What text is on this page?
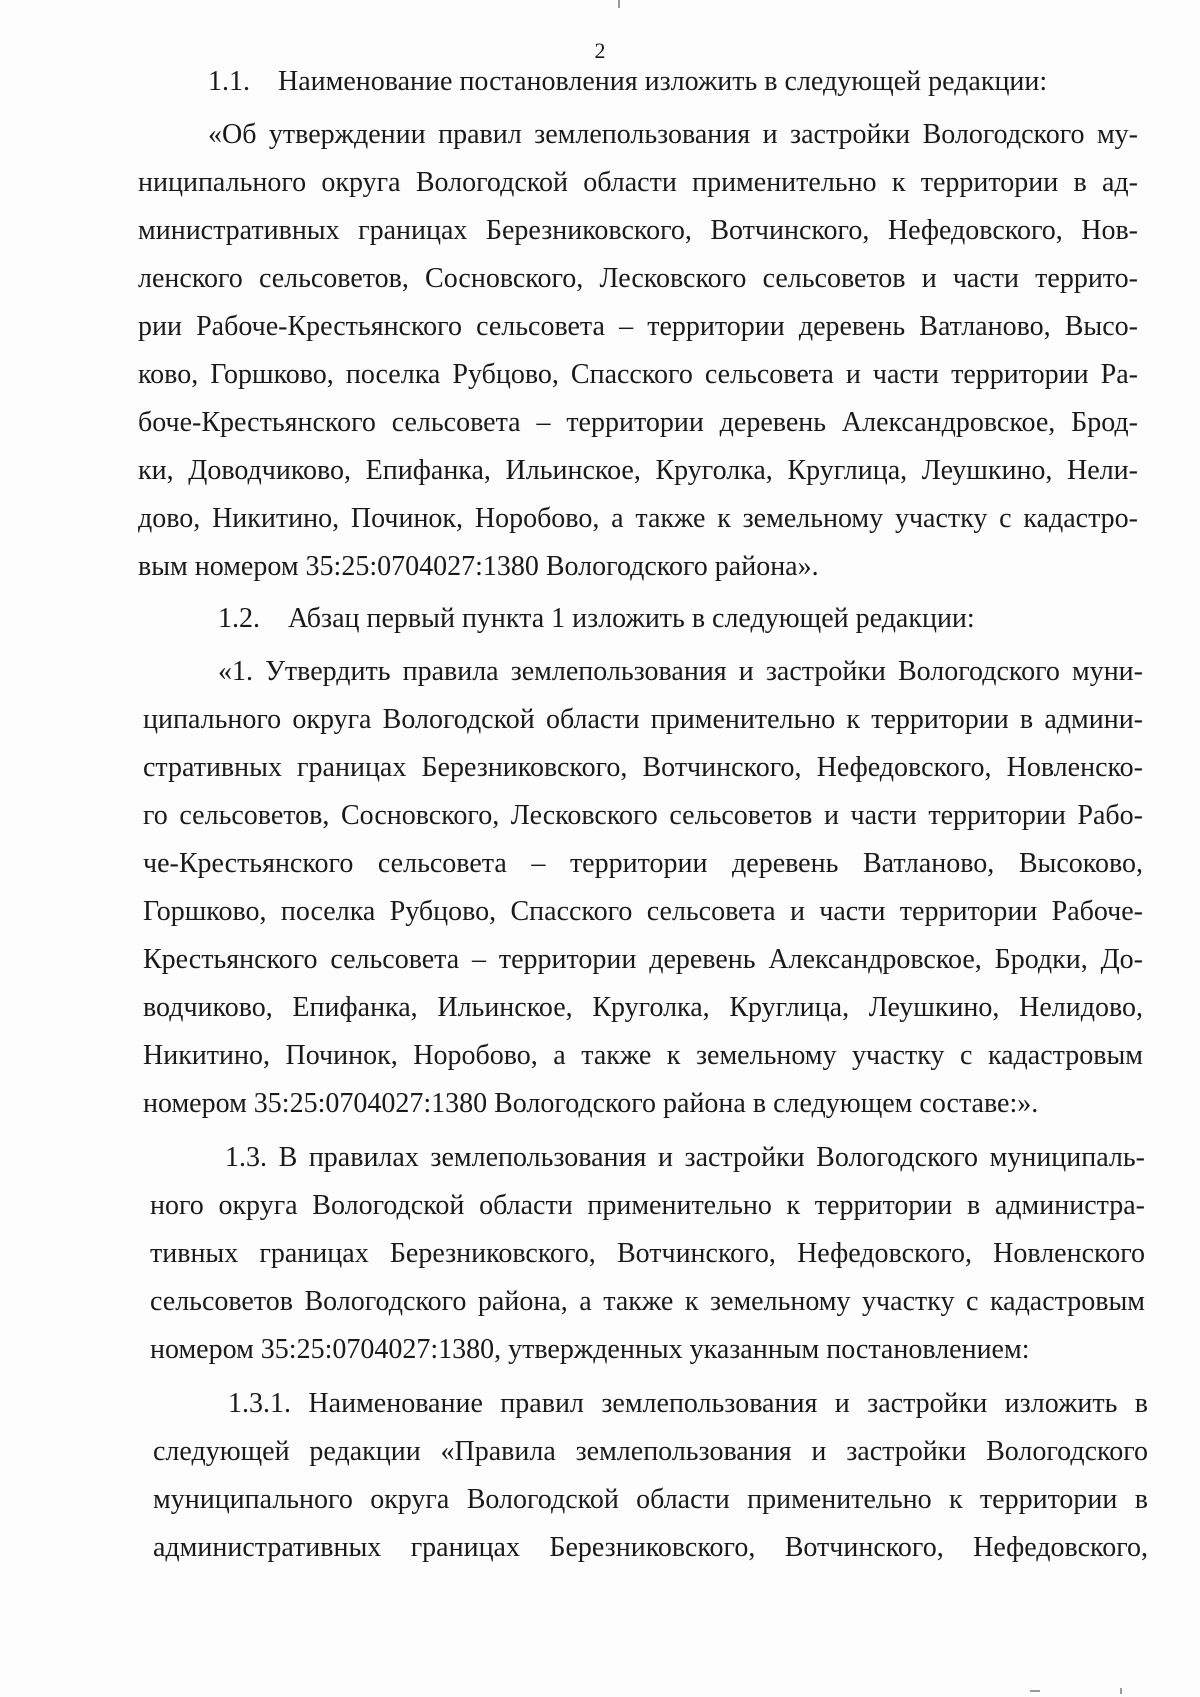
2
1.1. Наименование постановления изложить в следующей редакции:
«Об утверждении правил землепользования и застройки Вологодского му-
ниципального округа Вологодской области применительно к территории в ад-
министративных границах Березниковского, Вотчинского, Нефедовского, Нов-
ленского сельсоветов, Сосновского, Лесковского сельсоветов и части террито-
рии Рабоче-Крестьянского сельсовета – территории деревень Ватланово, Высо-
ково, Горшково, поселка Рубцово, Спасского сельсовета и части территории Ра-
боче-Крестьянского сельсовета – территории деревень Александровское, Брод-
ки, Доводчиково, Епифанка, Ильинское, Круголка, Круглица, Леушкино, Нели-
дово, Никитино, Починок, Норобово, а также к земельному участку с кадастро-
вым номером 35:25:0704027:1380 Вологодского района».
1.2. Абзац первый пункта 1 изложить в следующей редакции:
«1. Утвердить правила землепользования и застройки Вологодского муни-
ципального округа Вологодской области применительно к территории в админи-
стративных границах Березниковского, Вотчинского, Нефедовского, Новленско-
го сельсоветов, Сосновского, Лесковского сельсоветов и части территории Рабо-
че-Крестьянского сельсовета – территории деревень Ватланово, Высоково,
Горшково, поселка Рубцово, Спасского сельсовета и части территории Рабоче-
Крестьянского сельсовета – территории деревень Александровское, Бродки, До-
водчиково, Епифанка, Ильинское, Круголка, Круглица, Леушкино, Нелидово,
Никитино, Починок, Норобово, а также к земельному участку с кадастровым
номером 35:25:0704027:1380 Вологодского района в следующем составе:».
1.3. В правилах землепользования и застройки Вологодского муниципаль-
ного округа Вологодской области применительно к территории в администра-
тивных границах Березниковского, Вотчинского, Нефедовского, Новленского
сельсоветов Вологодского района, а также к земельному участку с кадастровым
номером 35:25:0704027:1380, утвержденных указанным постановлением:
1.3.1. Наименование правил землепользования и застройки изложить в
следующей редакции «Правила землепользования и застройки Вологодского
муниципального округа Вологодской области применительно к территории в
административных границах Березниковского, Вотчинского, Нефедовского,
